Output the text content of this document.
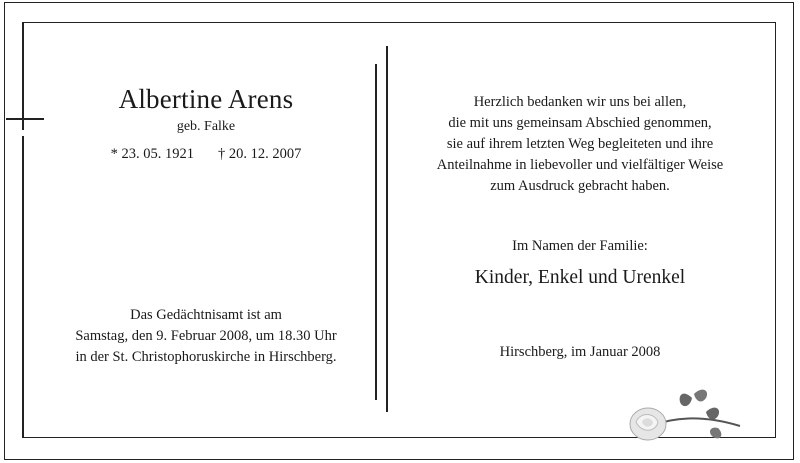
Albertine Arens
geb. Falke
* 23. 05. 1921 † 20. 12. 2007
Das Gedächtnisamt ist am
Samstag, den 9. Februar 2008, um 18.30 Uhr
in der St. Christophoruskirche in Hirschberg.
Herzlich bedanken wir uns bei allen,
die mit uns gemeinsam Abschied genommen,
sie auf ihrem letzten Weg begleiteten und ihre
Anteilnahme in liebevoller und vielfältiger Weise
zum Ausdruck gebracht haben.
Im Namen der Familie:
Kinder, Enkel und Urenkel
Hirschberg, im Januar 2008
